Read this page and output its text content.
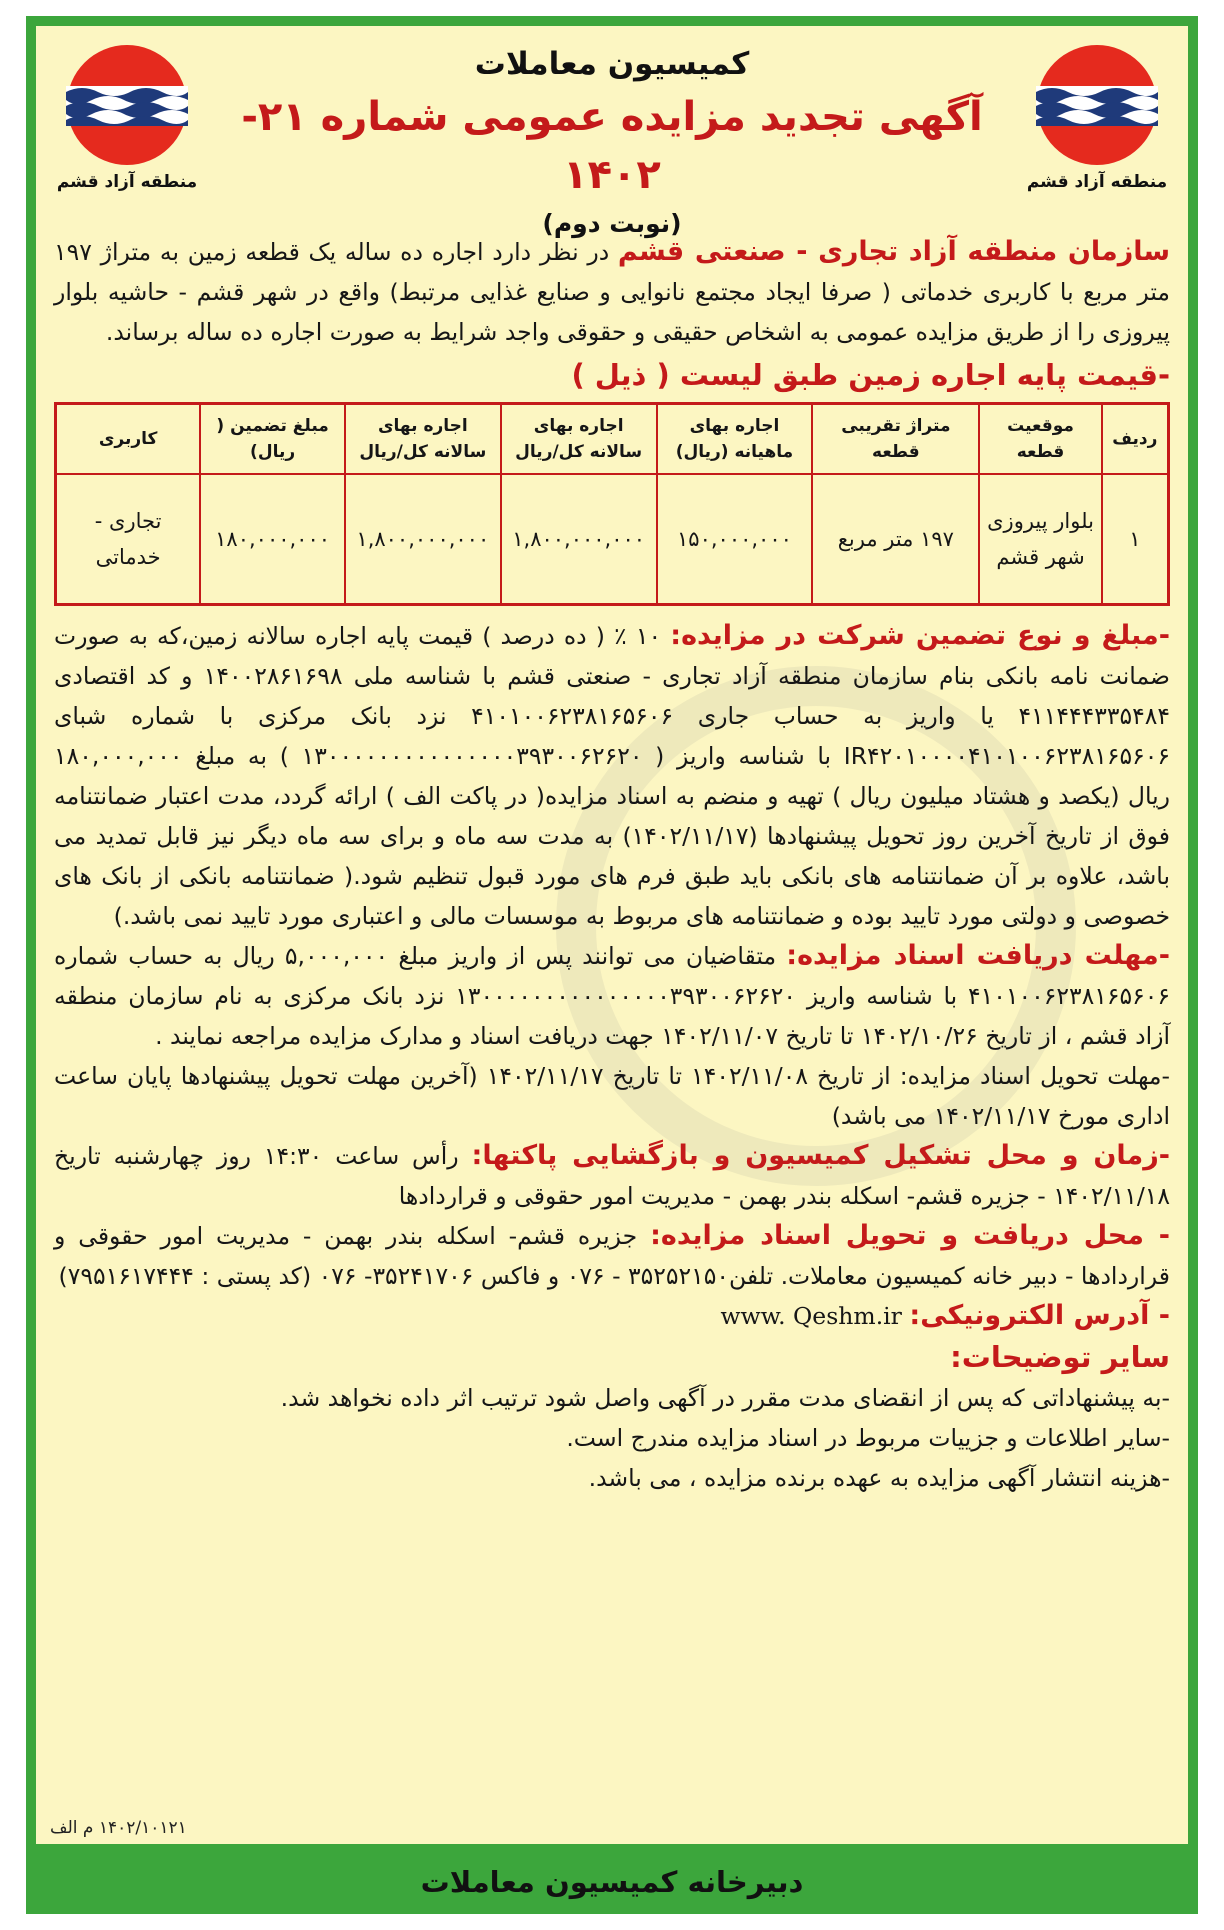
منطقه آزاد قشم
منطقه آزاد قشم
کمیسیون معاملات
آگهی تجدید مزایده عمومی شماره ۲۱- ۱۴۰۲
(نوبت دوم)

سازمان منطقه آزاد تجاری - صنعتی قشم در نظر دارد اجاره ده ساله یک قطعه زمین به متراژ ۱۹۷ متر مربع با کاربری خدماتی ( صرفا ایجاد مجتمع نانوایی و صنایع غذایی مرتبط) واقع در شهر قشم - حاشیه بلوار پیروزی را از طریق مزایده عمومی به اشخاص حقیقی و حقوقی واجد شرایط به صورت اجاره ده ساله برساند.

-قیمت پایه اجاره زمین طبق لیست ( ذیل )
ردیف	موقعیت قطعه	متراژ تقریبی قطعه	اجاره بهای ماهیانه (ریال)	اجاره بهای سالانه کل/ریال	اجاره بهای سالانه کل/ریال	مبلغ تضمین ( ریال)	کاربری
۱	بلوار پیروزی شهر قشم	۱۹۷ متر مربع	۱۵۰,۰۰۰,۰۰۰	۱,۸۰۰,۰۰۰,۰۰۰	۱,۸۰۰,۰۰۰,۰۰۰	۱۸۰,۰۰۰,۰۰۰	تجاری - خدماتی

-مبلغ و نوع تضمین شرکت در مزایده: ۱۰ ٪ ( ده درصد ) قیمت پایه اجاره سالانه زمین،که به صورت ضمانت نامه بانکی بنام سازمان منطقه آزاد تجاری - صنعتی قشم با شناسه ملی ۱۴۰۰۲۸۶۱۶۹۸ و کد اقتصادی ۴۱۱۴۴۴۳۳۵۴۸۴ یا واریز به حساب جاری ۴۱۰۱۰۰۶۲۳۸۱۶۵۶۰۶ نزد بانک مرکزی با شماره شبای IR۴۲۰۱۰۰۰۰۴۱۰۱۰۰۶۲۳۸۱۶۵۶۰۶ با شناسه واریز ( ۱۳۰۰۰۰۰۰۰۰۰۰۰۰۰۰۰۳۹۳۰۰۶۲۶۲۰ ) به مبلغ ۱۸۰,۰۰۰,۰۰۰ ریال (یکصد و هشتاد میلیون ریال ) تهیه و منضم به اسناد مزایده( در پاکت الف ) ارائه گردد، مدت اعتبار ضمانتنامه فوق از تاریخ آخرین روز تحویل پیشنهادها (۱۴۰۲/۱۱/۱۷) به مدت سه ماه و برای سه ماه دیگر نیز قابل تمدید می باشد، علاوه بر آن ضمانتنامه های بانکی باید طبق فرم های مورد قبول تنظیم شود.( ضمانتنامه بانکی از بانک های خصوصی و دولتی مورد تایید بوده و ضمانتنامه های مربوط به موسسات مالی و اعتباری مورد تایید نمی باشد.)

-مهلت دریافت اسناد مزایده: متقاضیان می توانند پس از واریز مبلغ ۵,۰۰۰,۰۰۰ ریال به حساب شماره ۴۱۰۱۰۰۶۲۳۸۱۶۵۶۰۶ با شناسه واریز ۱۳۰۰۰۰۰۰۰۰۰۰۰۰۰۰۰۳۹۳۰۰۶۲۶۲۰ نزد بانک مرکزی به نام سازمان منطقه آزاد قشم ، از تاریخ ۱۴۰۲/۱۰/۲۶ تا تاریخ ۱۴۰۲/۱۱/۰۷ جهت دریافت اسناد و مدارک مزایده مراجعه نمایند .

-مهلت تحویل اسناد مزایده: از تاریخ ۱۴۰۲/۱۱/۰۸ تا تاریخ ۱۴۰۲/۱۱/۱۷ (آخرین مهلت تحویل پیشنهادها پایان ساعت اداری مورخ ۱۴۰۲/۱۱/۱۷ می باشد)

-زمان و محل تشکیل کمیسیون و بازگشایی پاکتها: رأس ساعت ۱۴:۳۰ روز چهارشنبه تاریخ ۱۴۰۲/۱۱/۱۸ - جزیره قشم- اسکله بندر بهمن - مدیریت امور حقوقی و قراردادها

- محل دریافت و تحویل اسناد مزایده: جزیره قشم- اسکله بندر بهمن - مدیریت امور حقوقی و قراردادها - دبیر خانه کمیسیون معاملات. تلفن۳۵۲۵۲۱۵۰ - ۰۷۶ و فاکس ۳۵۲۴۱۷۰۶- ۰۷۶ (کد پستی : ۷۹۵۱۶۱۷۴۴۴)

- آدرس الکترونیکی: www. Qeshm.ir

سایر توضیحات:

-به پیشنهاداتی که پس از انقضای مدت مقرر در آگهی واصل شود ترتیب اثر داده نخواهد شد.

-سایر اطلاعات و جزییات مربوط در اسناد مزایده مندرج است.

-هزینه انتشار آگهی مزایده به عهده برنده مزایده ، می باشد.

۱۴۰۲/۱۰۱۲۱ م الف
دبیرخانه کمیسیون معاملات
